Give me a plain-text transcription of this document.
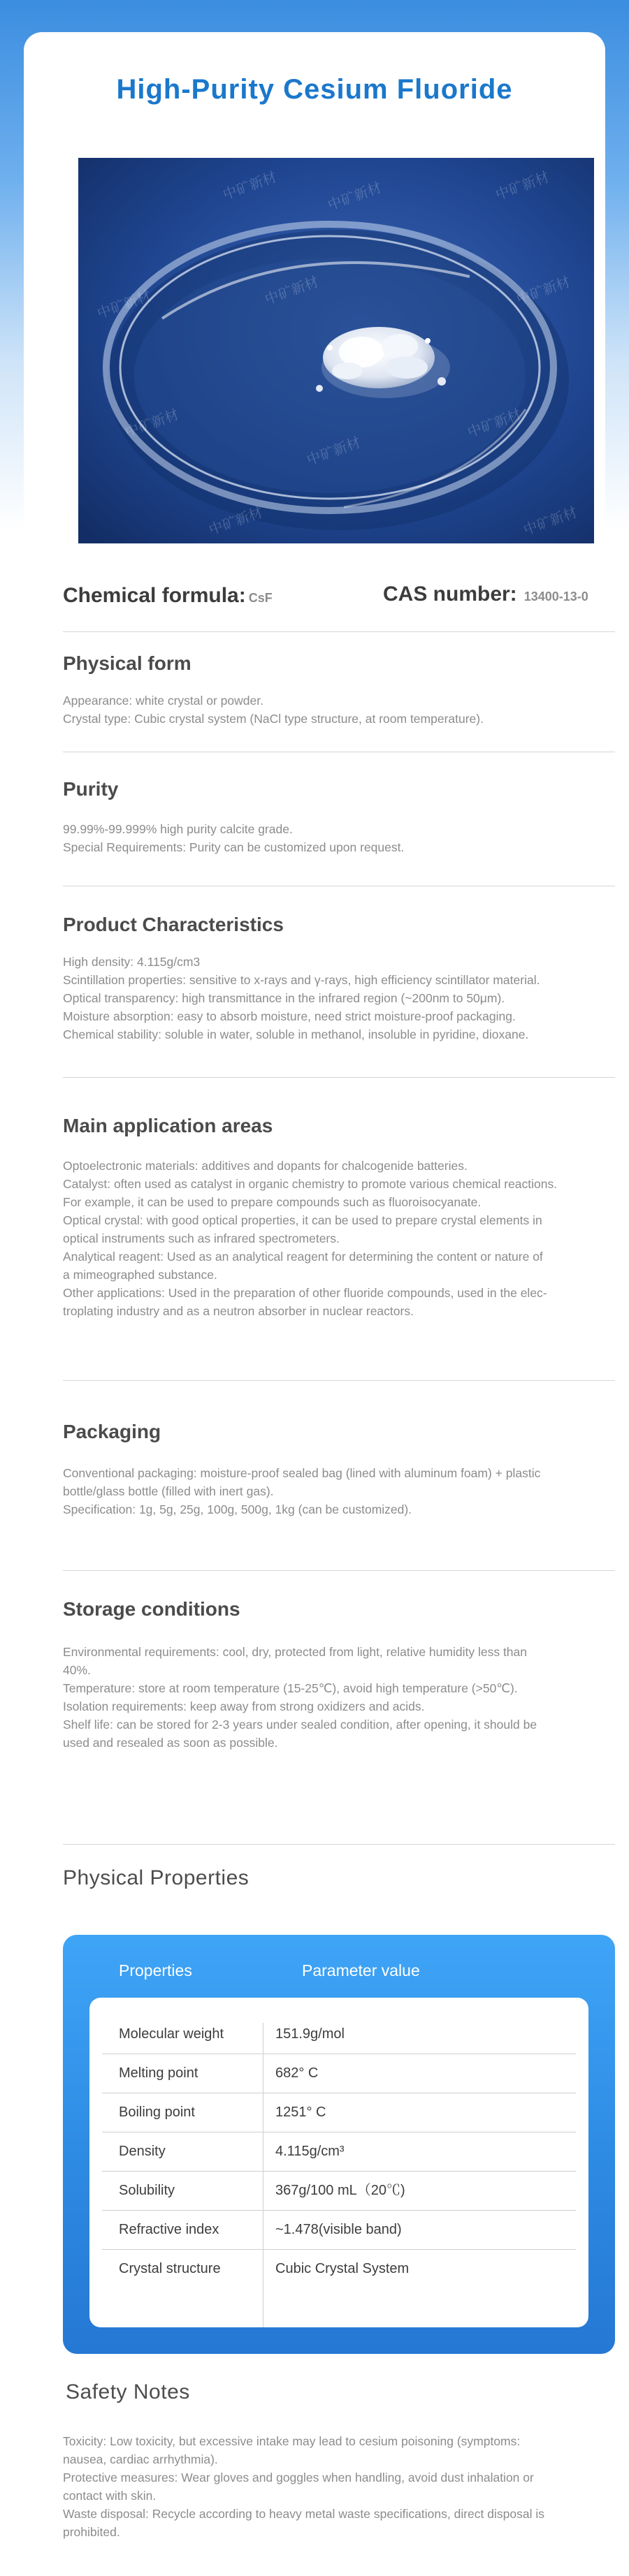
High-Purity Cesium Fluoride
中矿新材	中矿新材	中矿新材
中矿新材	中矿新材	中矿新材
中矿新材
中矿新材
中矿新材
中矿新材	中矿新材
Chemical formula: CsF	CAS number: 13400-13-0
Physical form
Appearance: white crystal or powder.
Crystal type: Cubic crystal system (NaCl type structure, at room temperature).
Purity
99.99%-99.999% high purity calcite grade.
Special Requirements: Purity can be customized upon request.
Product Characteristics
High density: 4.115g/cm3
Scintillation properties: sensitive to x-rays and γ-rays, high efficiency scintillator material.
Optical transparency: high transmittance in the infrared region (~200nm to 50μm).
Moisture absorption: easy to absorb moisture, need strict moisture-proof packaging.
Chemical stability: soluble in water, soluble in methanol, insoluble in pyridine, dioxane.
Main application areas
Optoelectronic materials: additives and dopants for chalcogenide batteries.
Catalyst: often used as catalyst in organic chemistry to promote various chemical reactions.
For example, it can be used to prepare compounds such as fluoroisocyanate.
Optical crystal: with good optical properties, it can be used to prepare crystal elements in
optical instruments such as infrared spectrometers.
Analytical reagent: Used as an analytical reagent for determining the content or nature of
a mimeographed substance.
Other applications: Used in the preparation of other fluoride compounds, used in the elec-
troplating industry and as a neutron absorber in nuclear reactors.
Packaging
Conventional packaging: moisture-proof sealed bag (lined with aluminum foam) + plastic
bottle/glass bottle (filled with inert gas).
Specification: 1g, 5g, 25g, 100g, 500g, 1kg (can be customized).
Storage conditions
Environmental requirements: cool, dry, protected from light, relative humidity less than
40%.
Temperature: store at room temperature (15-25℃), avoid high temperature (>50℃).
Isolation requirements: keep away from strong oxidizers and acids.
Shelf life: can be stored for 2-3 years under sealed condition, after opening, it should be
used and resealed as soon as possible.
Physical Properties
Properties	Parameter value
Molecular weight	151.9g/mol
Melting point	682° C
Boiling point	1251° C
Density	4.115g/cm³
Solubility	367g/100 mL（20℃)
Refractive index	~1.478(visible band)
Crystal structure	Cubic Crystal System
Safety Notes
Toxicity: Low toxicity, but excessive intake may lead to cesium poisoning (symptoms:
nausea, cardiac arrhythmia).
Protective measures: Wear gloves and goggles when handling, avoid dust inhalation or
contact with skin.
Waste disposal: Recycle according to heavy metal waste specifications, direct disposal is
prohibited.
